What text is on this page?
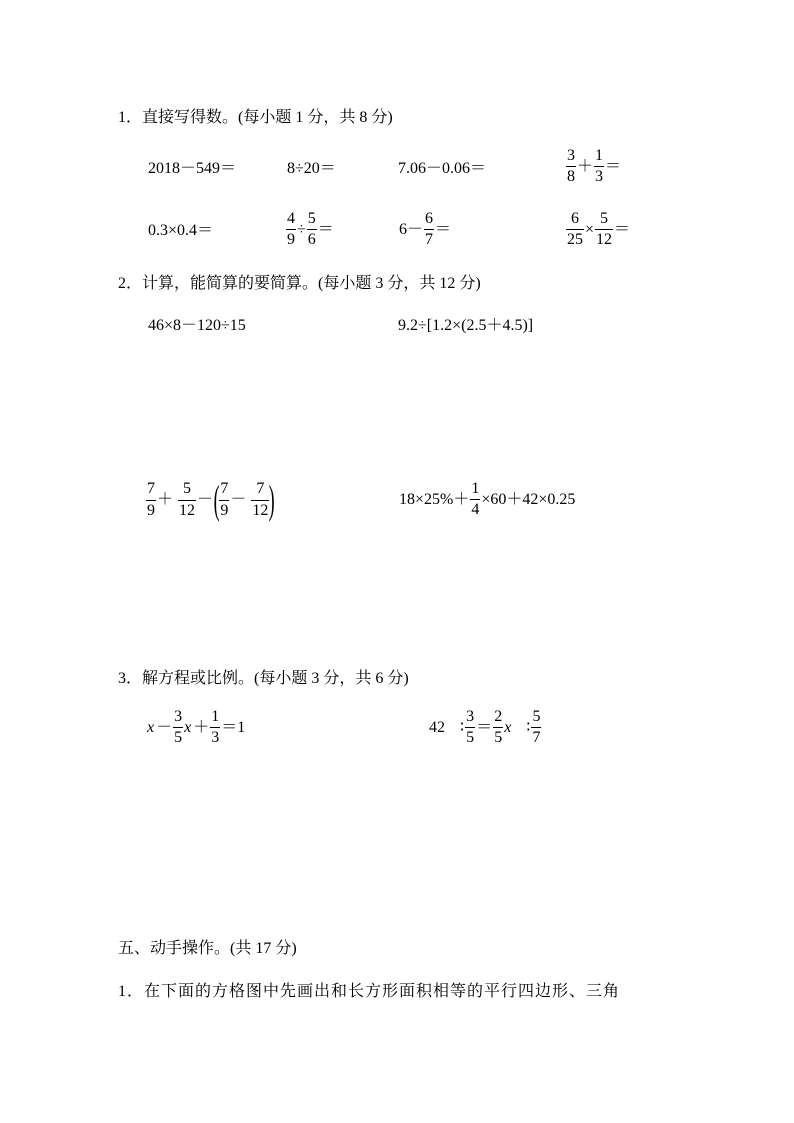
1．直接写得数。(每小题 1 分，共 8 分)
2018－549＝	8÷20＝	7.06－0.06＝	$\frac{3}{8} + \frac{1}{3}$ ＝
0.3×0.4＝	$\frac{4}{9} \div \frac{5}{6}$ ＝	$6- \frac{6}{7}$ ＝	$\frac{6}{25} \times \frac{5}{12}$ ＝
2．计算，能简算的要简算。(每小题 3 分，共 12 分)
46×8－120÷15	9.2÷[1.2×(2.5＋4.5)]
$\frac{7}{9} + \frac{5}{12}$ －( $\frac{7}{9} - \frac{7}{12}$ )	$18\times 25\%+ \frac{1}{4} \times 60+42\times 0.25$
3．解方程或比例。(每小题 3 分，共 6 分)
$x - \frac{3}{5}$ $x + \frac{1}{3} =1$	42 ∶ $\frac{3}{5} = \frac{2}{5}$ x ∶ $\frac{5}{7}$
五、动手操作。(共 17 分)
1．在下面的方格图中先画出和长方形面积相等的平行四边形、三角
